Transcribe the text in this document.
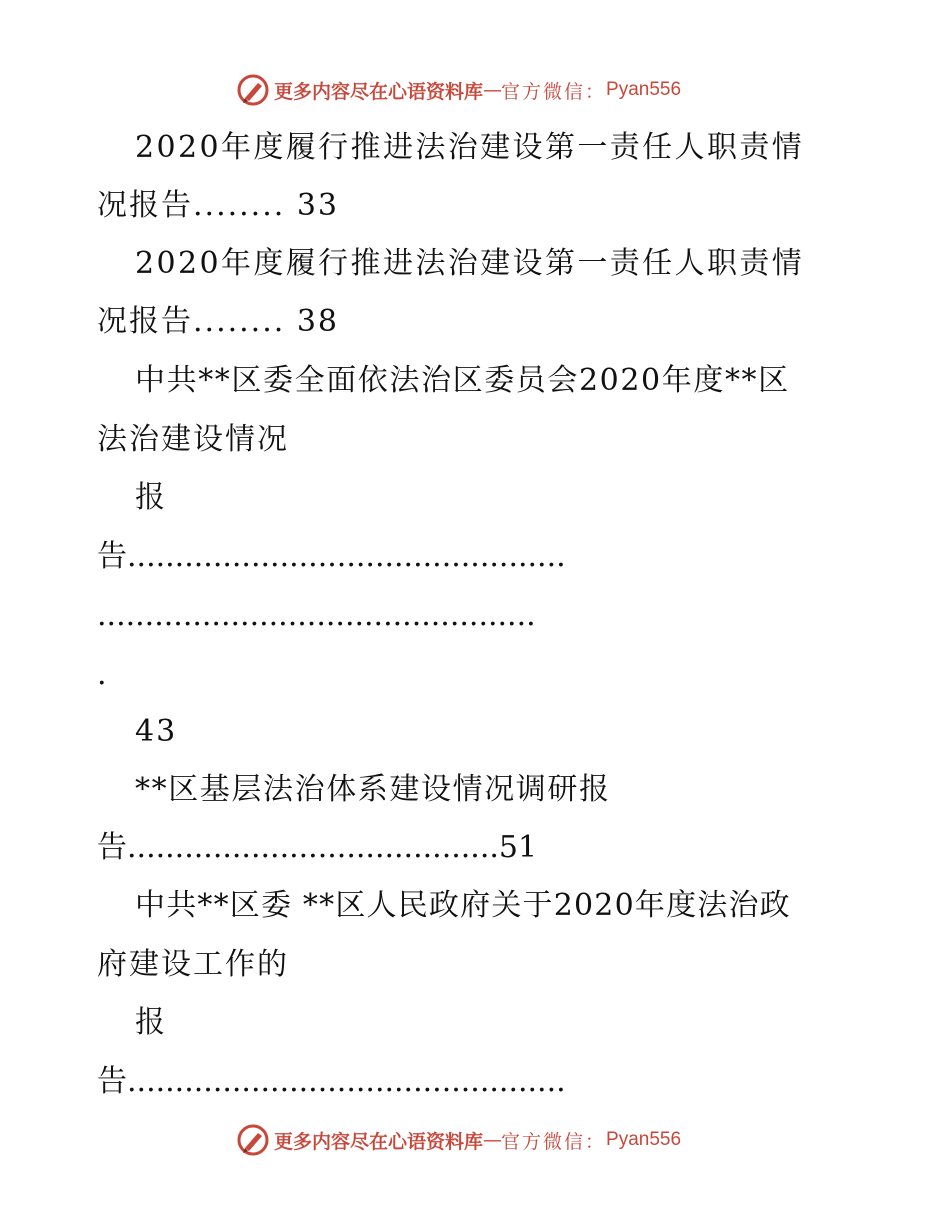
更多内容尽在心语资料库 — 官方微信： Pyan556
2020年度履行推进法治建设第一责任人职责情
况报告........ 33
2020年度履行推进法治建设第一责任人职责情
况报告........ 38
中共**区委全面依法治区委员会2020年度**区
法治建设情况
报
告..............................................
..............................................
.
43
**区基层法治体系建设情况调研报
告.......................................51
中共**区委 **区人民政府关于2020年度法治政
府建设工作的
报
告..............................................
更多内容尽在心语资料库 — 官方微信： Pyan556
